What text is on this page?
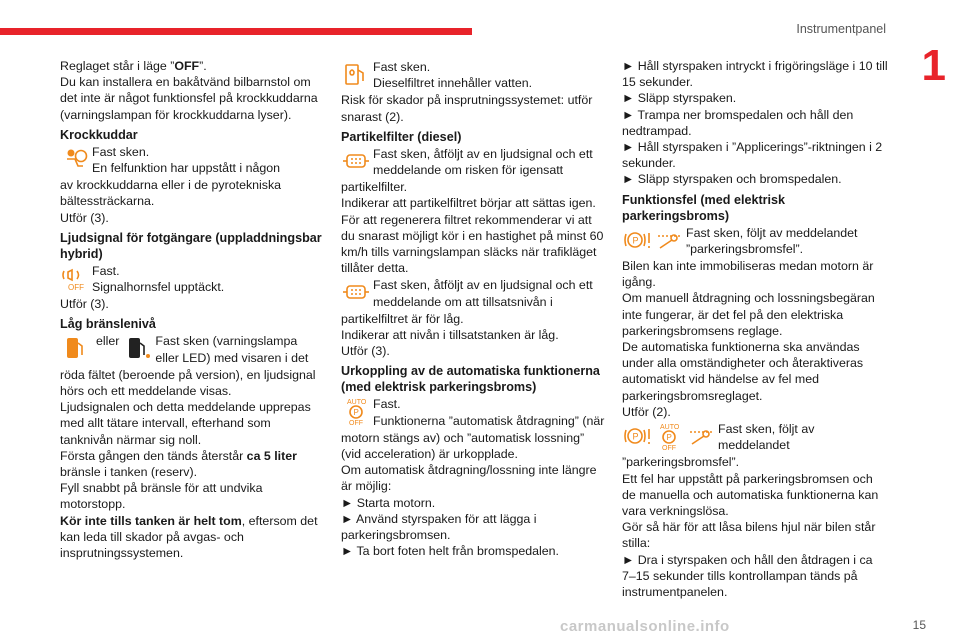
Instrumentpanel
1
15
carmanualsonline.info

Reglaget står i läge ”OFF”.

Du kan installera en bakåtvänd bilbarnstol om det inte är något funktionsfel på krockkuddarna (varningslampan för krockkuddarna lyser).

Krockkuddar

Fast sken.

En felfunktion har uppstått i någon

av krockkuddarna eller i de pyrotekniska bältessträckarna.

Utför (3).

Ljudsignal för fotgängare (uppladdningsbar hybrid)
OFF

Fast.

Signalhornsfel upptäckt.

Utför (3).

Låg bränslenivå
eller	Fast sken (varningslampa eller LED) med visaren i det

röda fältet (beroende på version), en ljudsignal hörs och ett meddelande visas.

Ljudsignalen och detta meddelande upprepas med allt tätare intervall, efterhand som tanknivån närmar sig noll.

Första gången den tänds återstår ca 5 liter bränsle i tanken (reserv).

Fyll snabbt på bränsle för att undvika motorstopp.

Kör inte tills tanken är helt tom, eftersom det kan leda till skador på avgas- och insprutningssystemen.

Fast sken.

Dieselfiltret innehåller vatten.

Risk för skador på insprutningssystemet: utför snarast (2).

Partikelfilter (diesel)

Fast sken, åtföljt av en ljudsignal och ett meddelande om risken för igensatt

partikelfilter.

Indikerar att partikelfiltret börjar att sättas igen.

För att regenerera filtret rekommenderar vi att du snarast möjligt kör i en hastighet på minst 60 km/h tills varningslampan släcks när trafikläget tillåter detta.

Fast sken, åtföljt av en ljudsignal och ett meddelande om att tillsatsnivån i

partikelfiltret är för låg.

Indikerar att nivån i tillsatstanken är låg.

Utför (3).

Urkoppling av de automatiska funktionerna (med elektrisk parkeringsbroms)
AUTO
P
OFF

Fast.

Funktionerna ”automatisk åtdragning” (när

motorn stängs av) och ”automatisk lossning” (vid acceleration) är urkopplade.

Om automatisk åtdragning/lossning inte längre är möjlig:

► Starta motorn.

► Använd styrspaken för att lägga i parkeringsbromsen.

► Ta bort foten helt från bromspedalen.

► Håll styrspaken intryckt i frigöringsläge i 10 till 15 sekunder.

► Släpp styrspaken.

► Trampa ner bromspedalen och håll den nedtrampad.

► Håll styrspaken i ”Applicerings”-riktningen i 2 sekunder.

► Släpp styrspaken och bromspedalen.

Funktionsfel (med elektrisk parkeringsbroms)
P

Fast sken, följt av meddelandet ”parkeringsbromsfel”.

Bilen kan inte immobiliseras medan motorn är igång.

Om manuell åtdragning och lossningsbegäran inte fungerar, är det fel på den elektriska parkeringsbromsens reglage.

De automatiska funktionerna ska användas under alla omständigheter och återaktiveras automatiskt vid händelse av fel med parkeringsbromsreglaget.

Utför (2).

P
AUTO
P
OFF

Fast sken, följt av meddelandet

”parkeringsbromsfel”.

Ett fel har uppstått på parkeringsbromsen och de manuella och automatiska funktionerna kan vara verkningslösa.

Gör så här för att låsa bilens hjul när bilen står stilla:

► Dra i styrspaken och håll den åtdragen i ca 7–15 sekunder tills kontrollampan tänds på instrumentpanelen.
